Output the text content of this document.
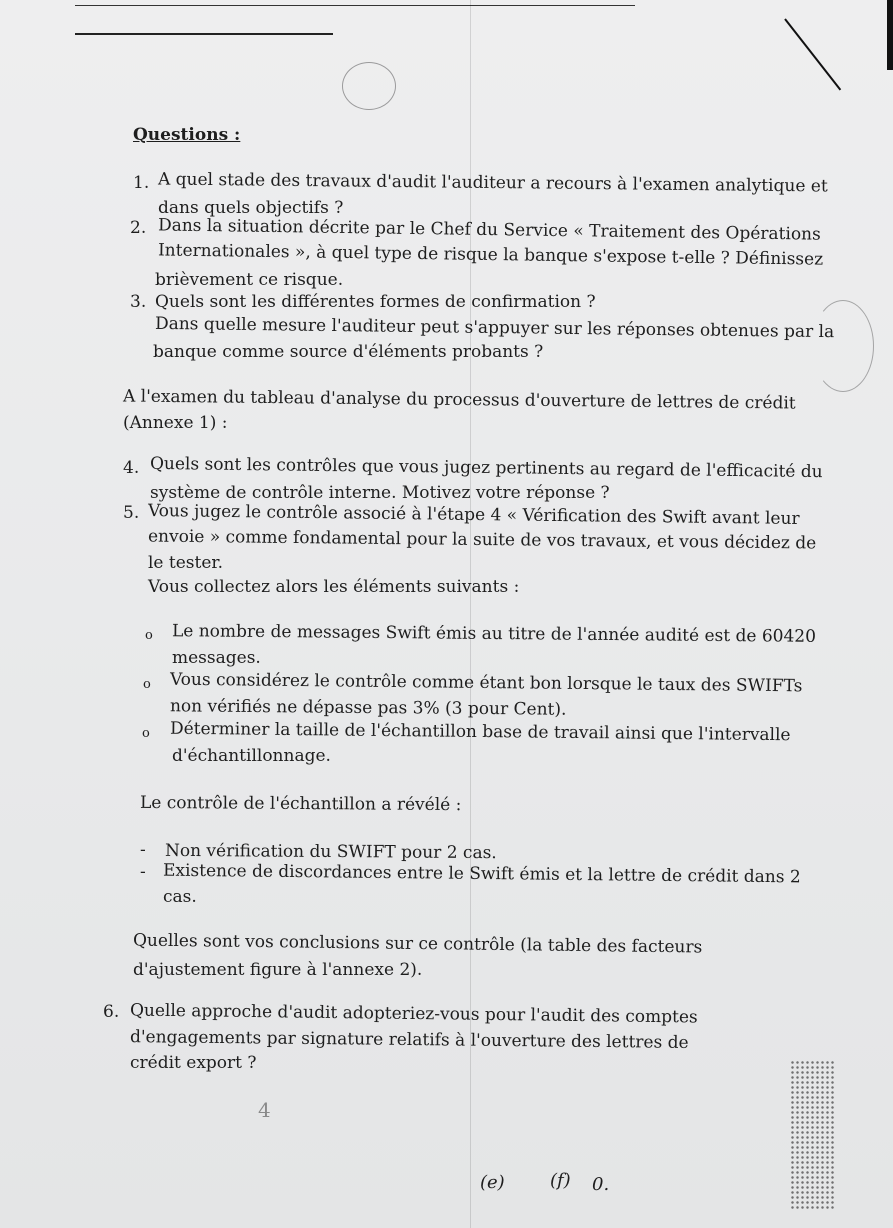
Questions :
1. A quel stade des travaux d'audit l'auditeur a recours à l'examen analytique et
dans quels objectifs ?
2. Dans la situation décrite par le Chef du Service « Traitement des Opérations
Internationales », à quel type de risque la banque s'expose t-elle ? Définissez
brièvement ce risque.
3. Quels sont les différentes formes de confirmation ?
Dans quelle mesure l'auditeur peut s'appuyer sur les réponses obtenues par la
banque comme source d'éléments probants ?
A l'examen du tableau d'analyse du processus d'ouverture de lettres de crédit
(Annexe 1) :
4. Quels sont les contrôles que vous jugez pertinents au regard de l'efficacité du
système de contrôle interne. Motivez votre réponse ?
5. Vous jugez le contrôle associé à l'étape 4 « Vérification des Swift avant leur
envoie » comme fondamental pour la suite de vos travaux, et vous décidez de
le tester.
Vous collectez alors les éléments suivants :
o Le nombre de messages Swift émis au titre de l'année audité est de 60420
messages.
o Vous considérez le contrôle comme étant bon lorsque le taux des SWIFTs
non vérifiés ne dépasse pas 3% (3 pour Cent).
o Déterminer la taille de l'échantillon base de travail ainsi que l'intervalle
d'échantillonnage.
Le contrôle de l'échantillon a révélé :
- Non vérification du SWIFT pour 2 cas.
- Existence de discordances entre le Swift émis et la lettre de crédit dans 2
cas.
Quelles sont vos conclusions sur ce contrôle (la table des facteurs
d'ajustement figure à l'annexe 2).
6. Quelle approche d'audit adopteriez-vous pour l'audit des comptes
d'engagements par signature relatifs à l'ouverture des lettres de
crédit export ?
4
(e)	(f) 0.
